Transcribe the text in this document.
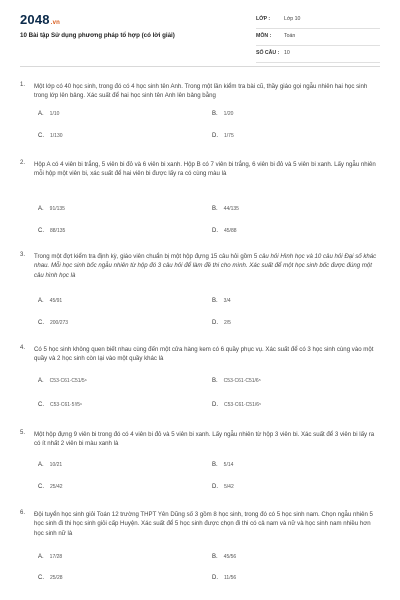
2048.vn
10 Bài tập Sử dụng phương pháp tổ hợp (có lời giải)
LỚP :	Lớp 10
MÔN : Toán
SỐ CÂU : 10
1. Một lớp có 40 học sinh, trong đó có 4 học sinh tên Anh. Trong một lần kiểm tra bài cũ, thầy giáo gọi ngẫu nhiên hai học sinh trong lớp lên bảng. Xác suất để hai học sinh tên Anh lên bảng bằng
A. 1/10	B. 1/20
C. 1/130	D. 1/75
2. Hộp A có 4 viên bi trắng, 5 viên bi đỏ và 6 viên bi xanh. Hộp B có 7 viên bi trắng, 6 viên bi đỏ và 5 viên bi xanh. Lấy ngẫu nhiên mỗi hộp một viên bi, xác suất để hai viên bi được lấy ra có cùng màu là
A. 91/135	B. 44/135
C. 88/135	D. 45/88
3. Trong một đợt kiểm tra định kỳ, giáo viên chuẩn bị một hộp đựng 15 câu hỏi gồm 5 câu hỏi Hình học và 10 câu hỏi Đại số khác nhau. Mỗi học sinh bốc ngẫu nhiên từ hộp đó 3 câu hỏi để làm đề thi cho mình. Xác suất để một học sinh bốc được đúng một câu hình học là
A. 45/91	B. 3/4
C. 200/273	D. 2/5
4. Có 5 học sinh không quen biết nhau cùng đến một cửa hàng kem có 6 quầy phục vụ. Xác suất để có 3 học sinh cùng vào một quầy và 2 học sinh còn lại vào một quầy khác là
A. C53·C61·C51/5⁶	B. C53·C61·C51/6⁵
C. C53·C61·5!/5⁶	D. C53·C61·C51/6⁵
5. Một hộp đựng 9 viên bi trong đó có 4 viên bi đỏ và 5 viên bi xanh. Lấy ngẫu nhiên từ hộp 3 viên bi. Xác suất để 3 viên bi lấy ra có ít nhất 2 viên bi màu xanh là
A. 10/21	B. 5/14
C. 25/42	D. 5/42
6. Đội tuyển học sinh giỏi Toán 12 trường THPT Yên Dũng số 3 gồm 8 học sinh, trong đó có 5 học sinh nam. Chọn ngẫu nhiên 5 học sinh đi thi học sinh giỏi cấp Huyện. Xác suất để 5 học sinh được chọn đi thi có cả nam và nữ và học sinh nam nhiều hơn học sinh nữ là
A. 17/28	B. 45/56
C. 25/28	D. 11/56
